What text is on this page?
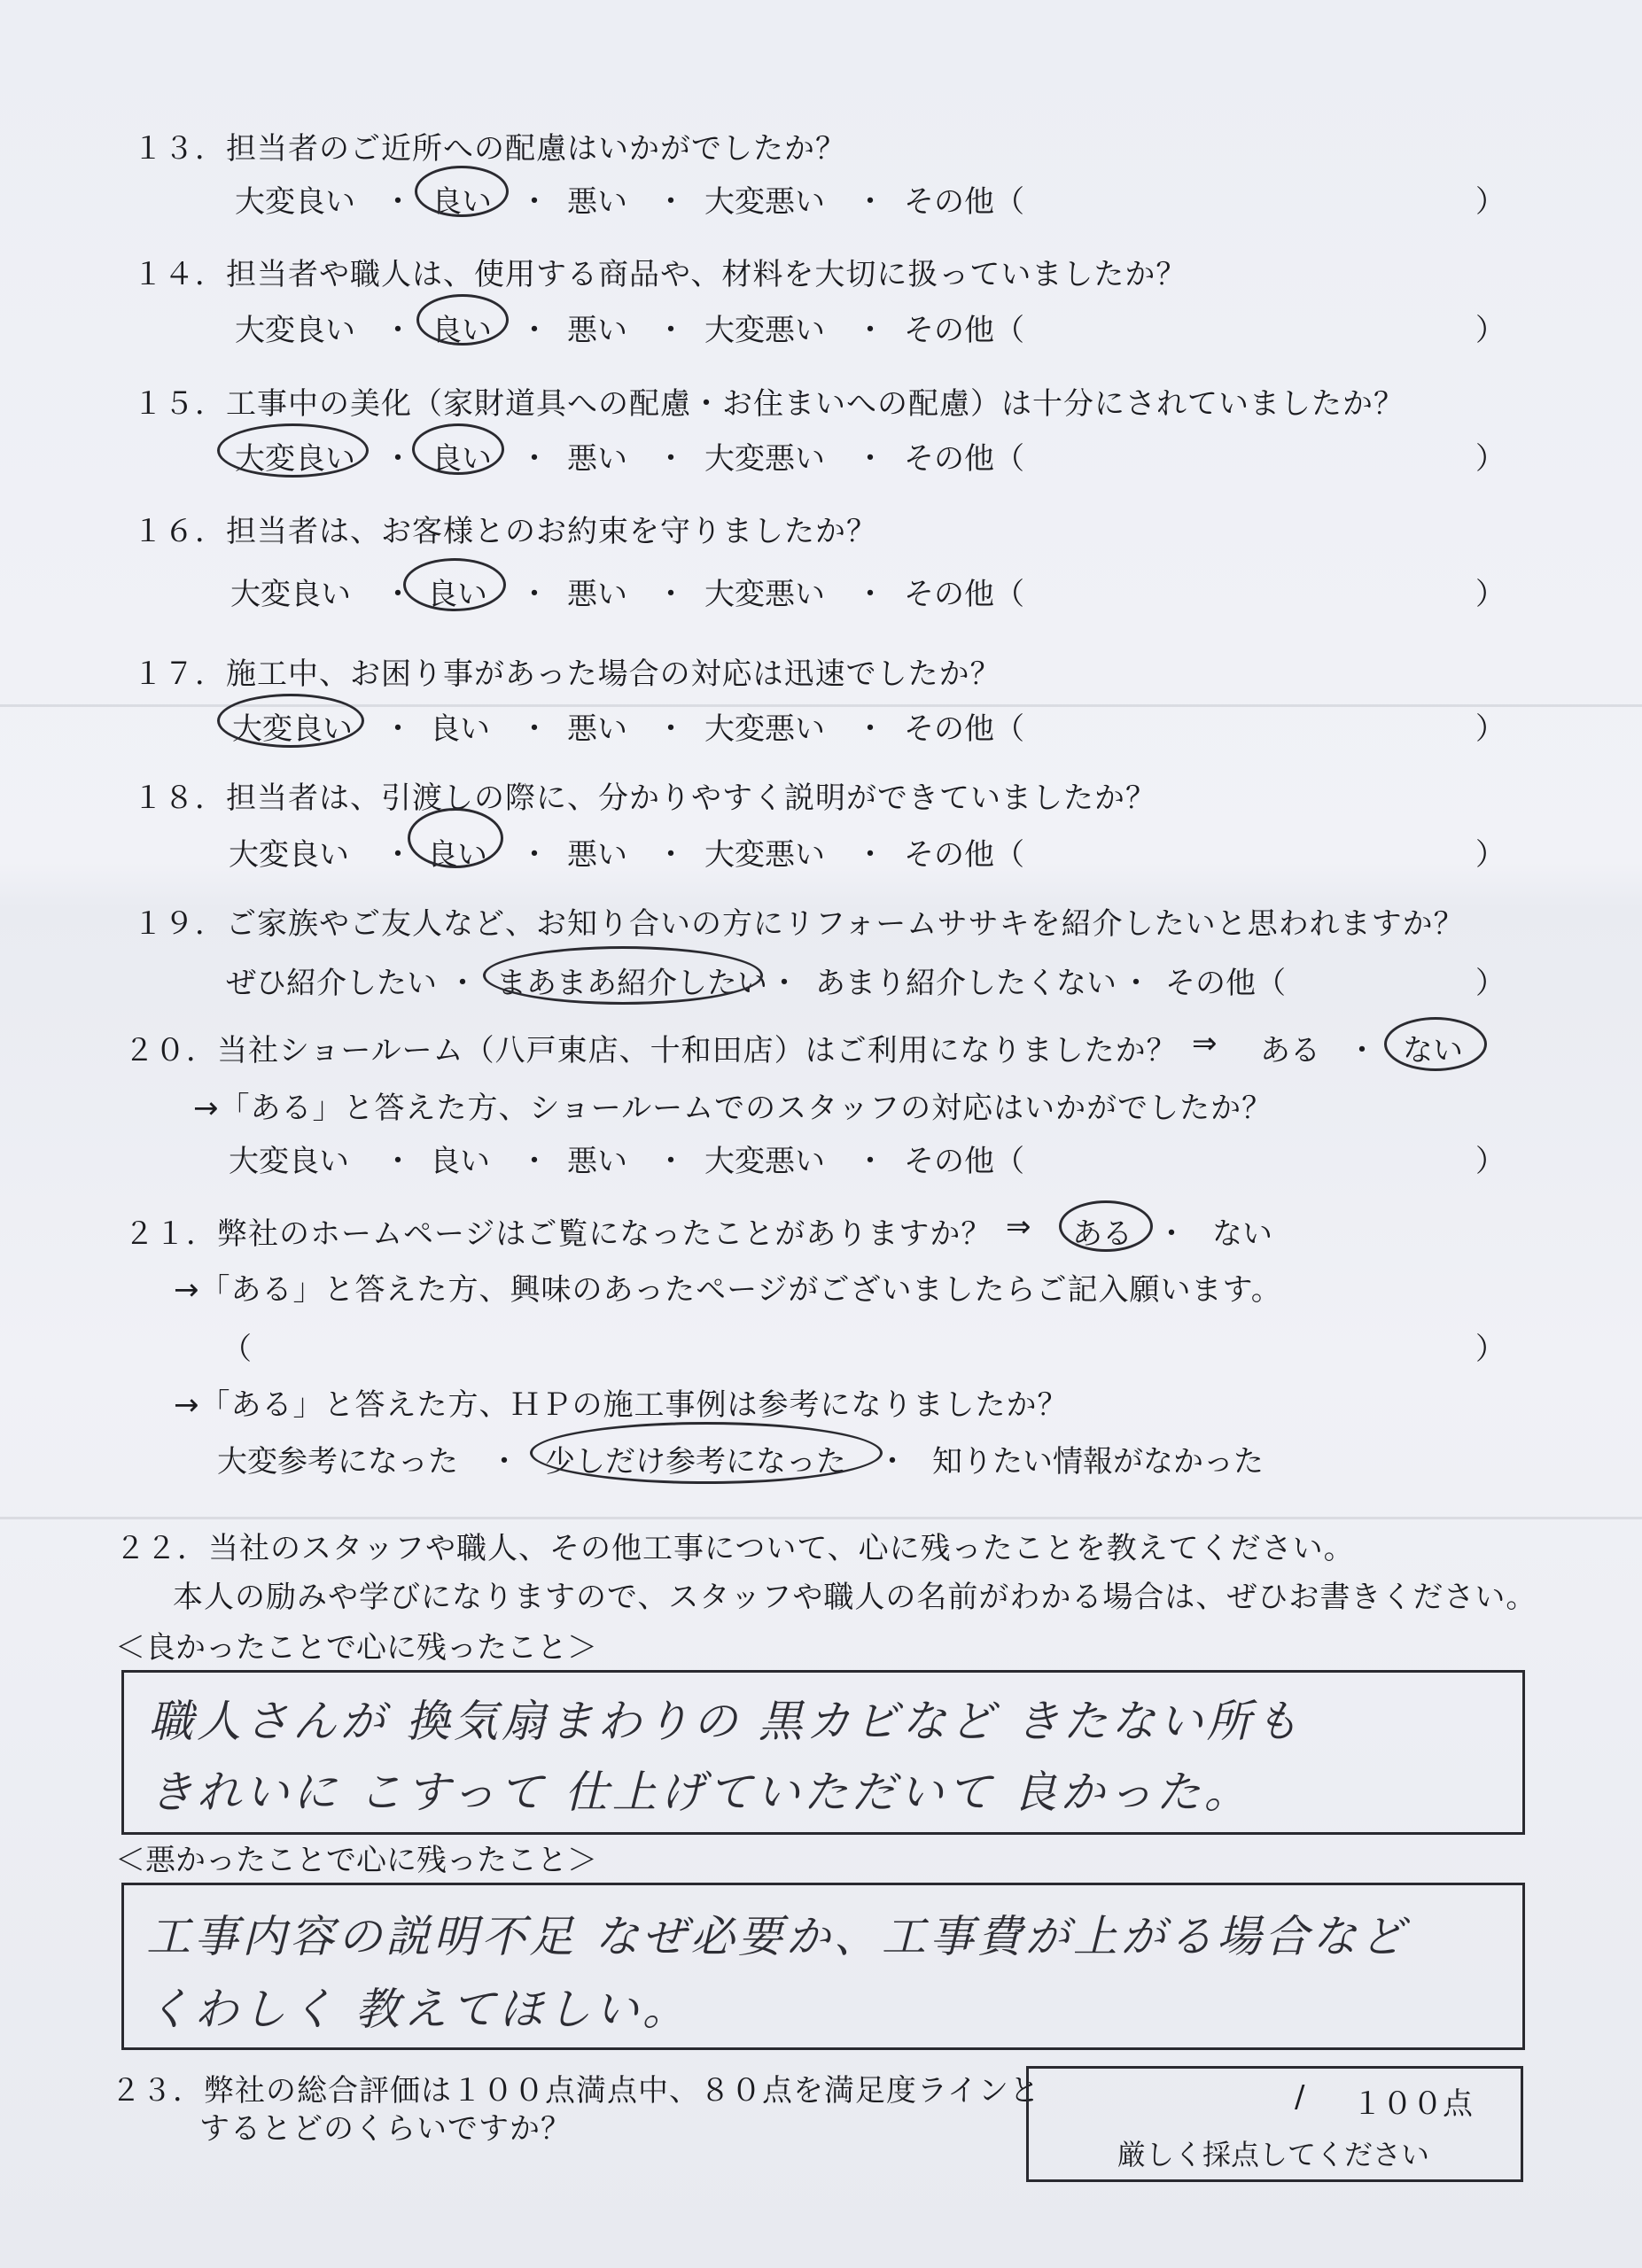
１３．担当者のご近所への配慮はいかがでしたか？
大変良い ・ 良い ・ 悪い ・ 大変悪い ・ その他（	）
１４．担当者や職人は、使用する商品や、材料を大切に扱っていましたか？
大変良い ・ 良い ・ 悪い ・ 大変悪い ・ その他（	）
１５．工事中の美化（家財道具への配慮・お住まいへの配慮）は十分にされていましたか？
大変良い ・ 良い ・ 悪い ・ 大変悪い ・ その他（	）
１６．担当者は、お客様とのお約束を守りましたか？
大変良い ・ 良い ・ 悪い ・ 大変悪い ・ その他（	）
１７．施工中、お困り事があった場合の対応は迅速でしたか？
大変良い ・ 良い ・ 悪い ・ 大変悪い ・ その他（	）
１８．担当者は、引渡しの際に、分かりやすく説明ができていましたか？
大変良い ・ 良い ・ 悪い ・ 大変悪い ・ その他（	）
１９．ご家族やご友人など、お知り合いの方にリフォームササキを紹介したいと思われますか？
ぜひ紹介したい ・ まあまあ紹介したい ・ あまり紹介したくない ・ その他（	）
２０．当社ショールーム（八戸東店、十和田店）はご利用になりましたか？ ⇒ ある ・ ない
→「ある」と答えた方、ショールームでのスタッフの対応はいかがでしたか？
大変良い ・ 良い ・ 悪い ・ 大変悪い ・ その他（	）
２１．弊社のホームページはご覧になったことがありますか？ ⇒ ある ・ ない
→「ある」と答えた方、興味のあったページがございましたらご記入願います。
（	）
→「ある」と答えた方、ＨＰの施工事例は参考になりましたか？
大変参考になった ・ 少しだけ参考になった ・ 知りたい情報がなかった
２２．当社のスタッフや職人、その他工事について、心に残ったことを教えてください。
本人の励みや学びになりますので、スタッフや職人の名前がわかる場合は、ぜひお書きください。
＜良かったことで心に残ったこと＞
職人さんが 換気扇まわりの 黒カビなど きたない所も
きれいに こすって 仕上げていただいて 良かった。
＜悪かったことで心に残ったこと＞
工事内容の説明不足 なぜ必要か、工事費が上がる場合など
くわしく 教えてほしい。
２３．弊社の総合評価は１００点満点中、８０点を満足度ラインと
するとどのくらいですか？
/ １００点
厳しく採点してください
